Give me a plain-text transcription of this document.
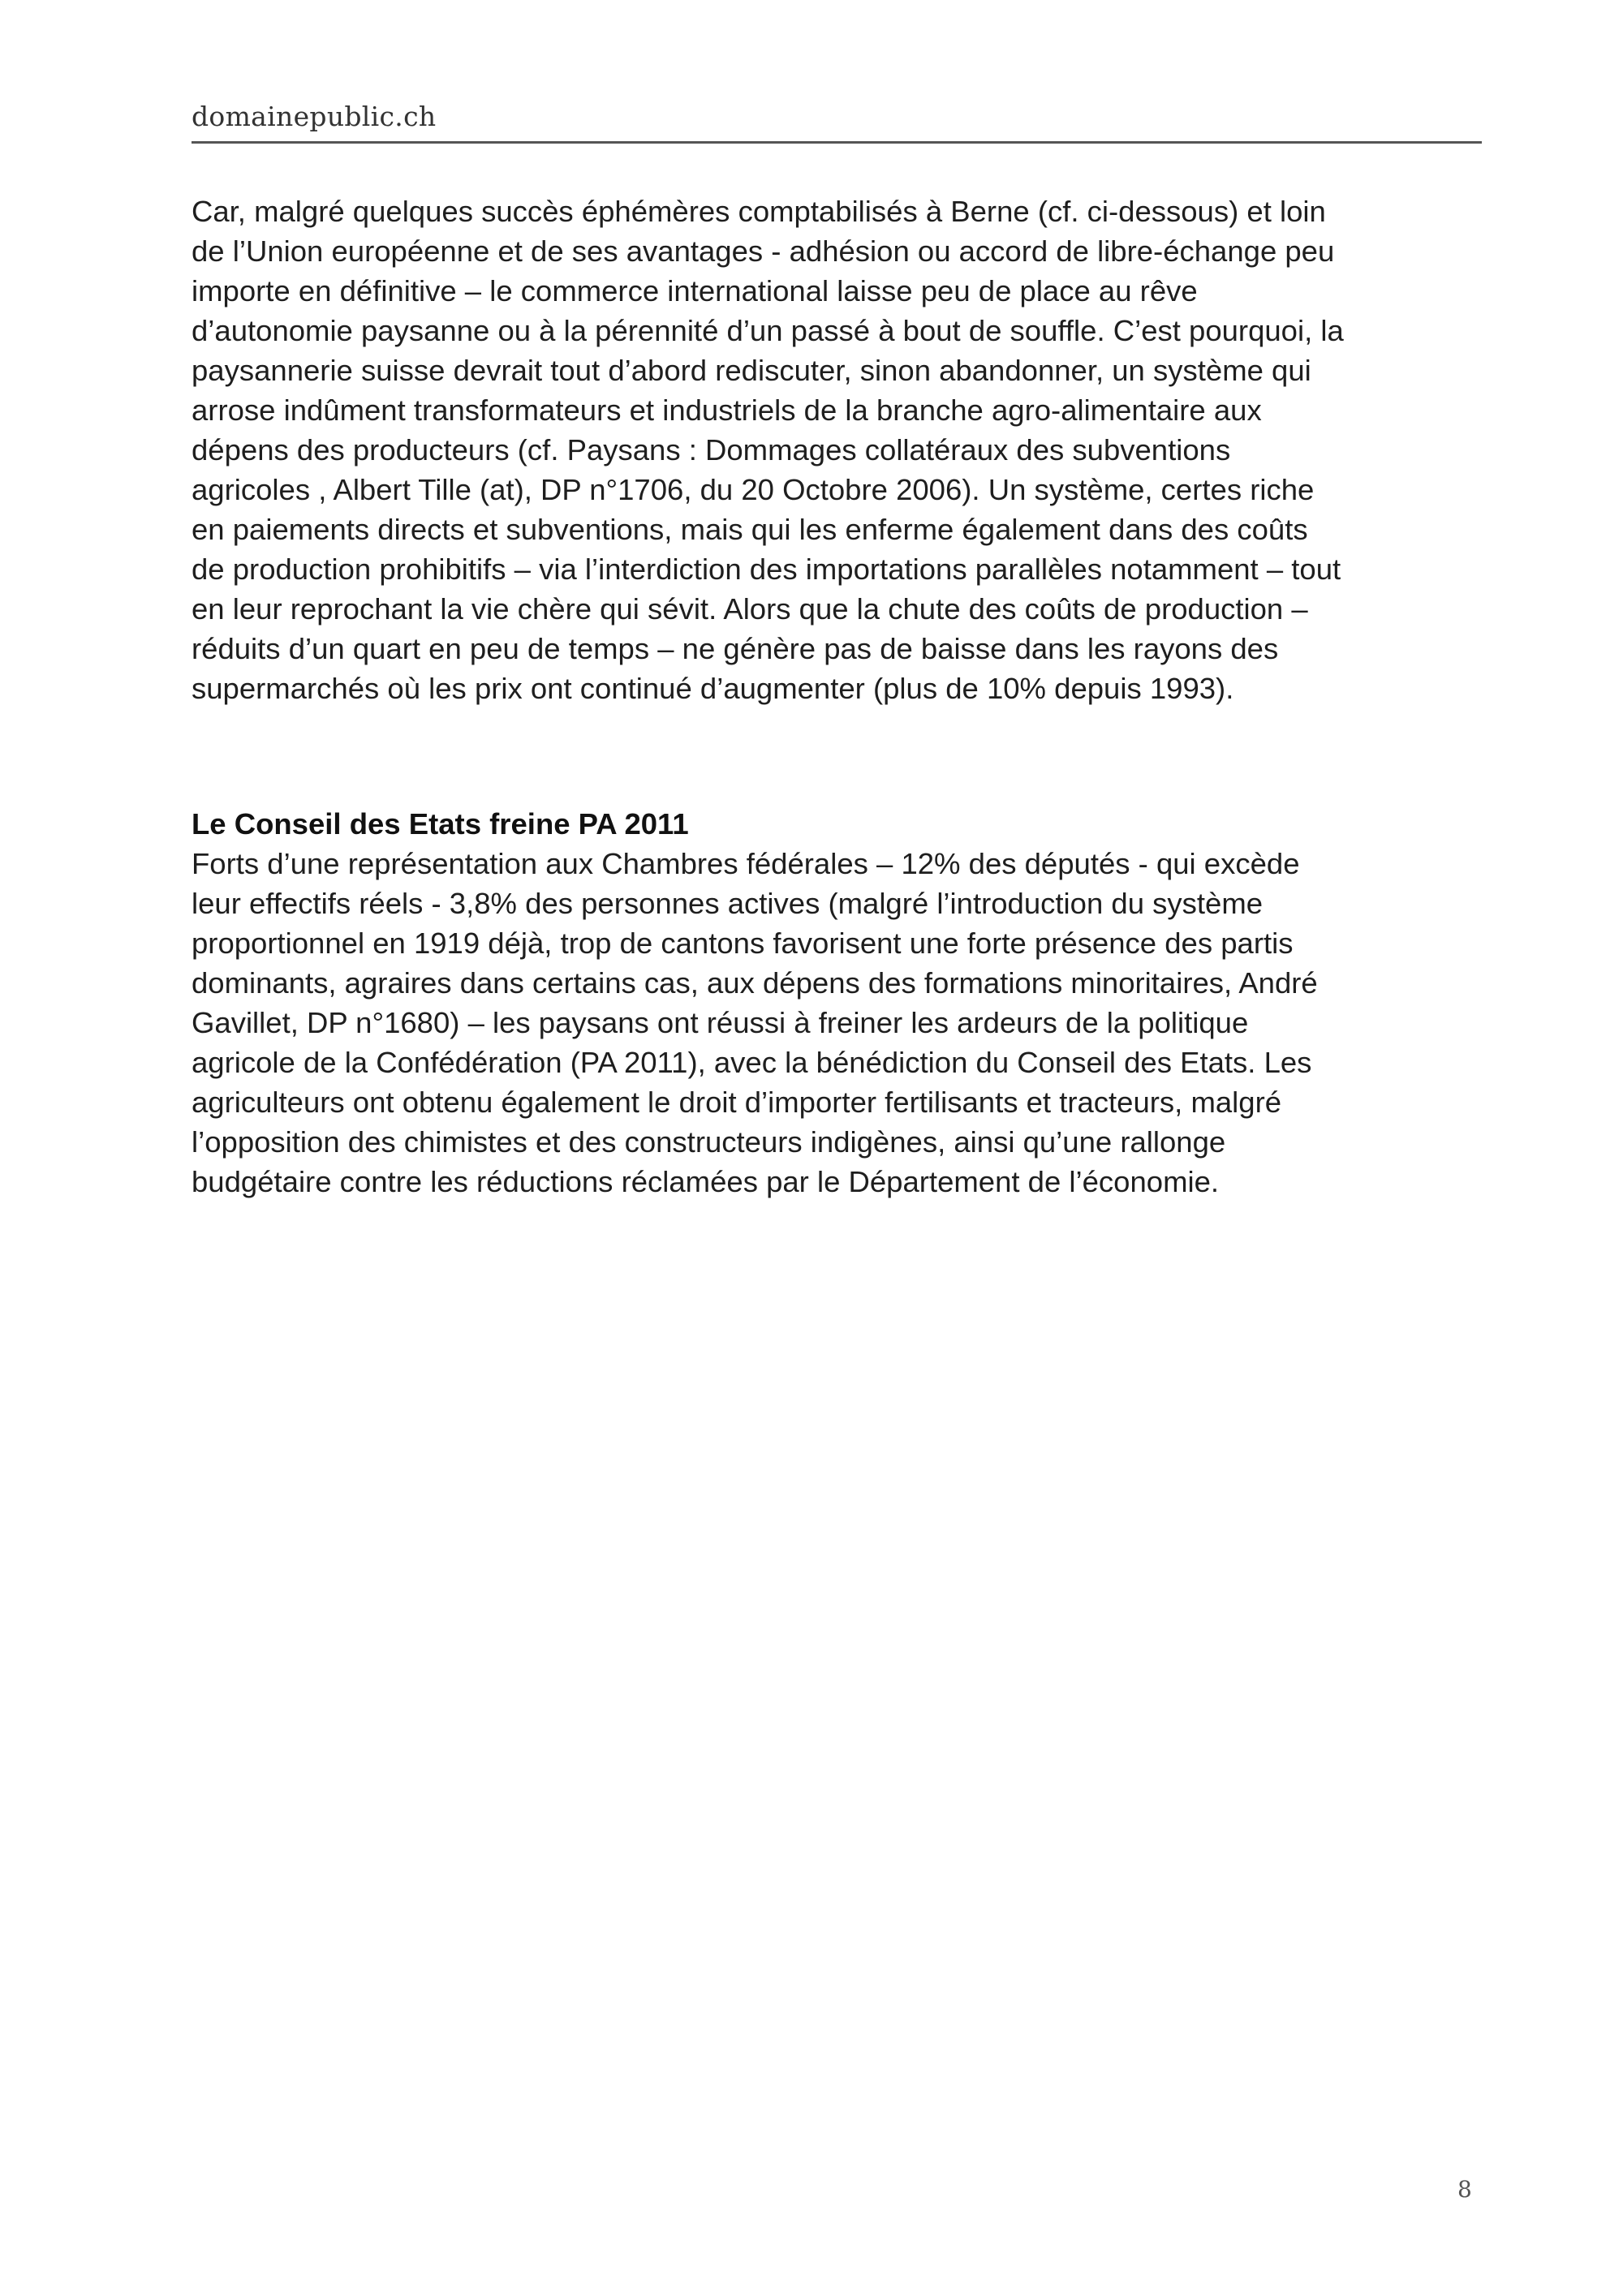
domainepublic.ch
Car, malgré quelques succès éphémères comptabilisés à Berne (cf. ci-dessous) et loin
de l’Union européenne et de ses avantages - adhésion ou accord de libre-échange peu
importe en définitive – le commerce international laisse peu de place au rêve
d’autonomie paysanne ou à la pérennité d’un passé à bout de souffle. C’est pourquoi, la
paysannerie suisse devrait tout d’abord rediscuter, sinon abandonner, un système qui
arrose indûment transformateurs et industriels de la branche agro-alimentaire aux
dépens des producteurs (cf. Paysans : Dommages collatéraux des subventions
agricoles , Albert Tille (at), DP n°1706, du 20 Octobre 2006). Un système, certes riche
en paiements directs et subventions, mais qui les enferme également dans des coûts
de production prohibitifs – via l’interdiction des importations parallèles notamment – tout
en leur reprochant la vie chère qui sévit. Alors que la chute des coûts de production –
réduits d’un quart en peu de temps – ne génère pas de baisse dans les rayons des
supermarchés où les prix ont continué d’augmenter (plus de 10% depuis 1993).
Le Conseil des Etats freine PA 2011
Forts d’une représentation aux Chambres fédérales – 12% des députés - qui excède
leur effectifs réels - 3,8% des personnes actives (malgré l’introduction du système
proportionnel en 1919 déjà, trop de cantons favorisent une forte présence des partis
dominants, agraires dans certains cas, aux dépens des formations minoritaires, André
Gavillet, DP n°1680) – les paysans ont réussi à freiner les ardeurs de la politique
agricole de la Confédération (PA 2011), avec la bénédiction du Conseil des Etats. Les
agriculteurs ont obtenu également le droit d’importer fertilisants et tracteurs, malgré
l’opposition des chimistes et des constructeurs indigènes, ainsi qu’une rallonge
budgétaire contre les réductions réclamées par le Département de l’économie.
8
